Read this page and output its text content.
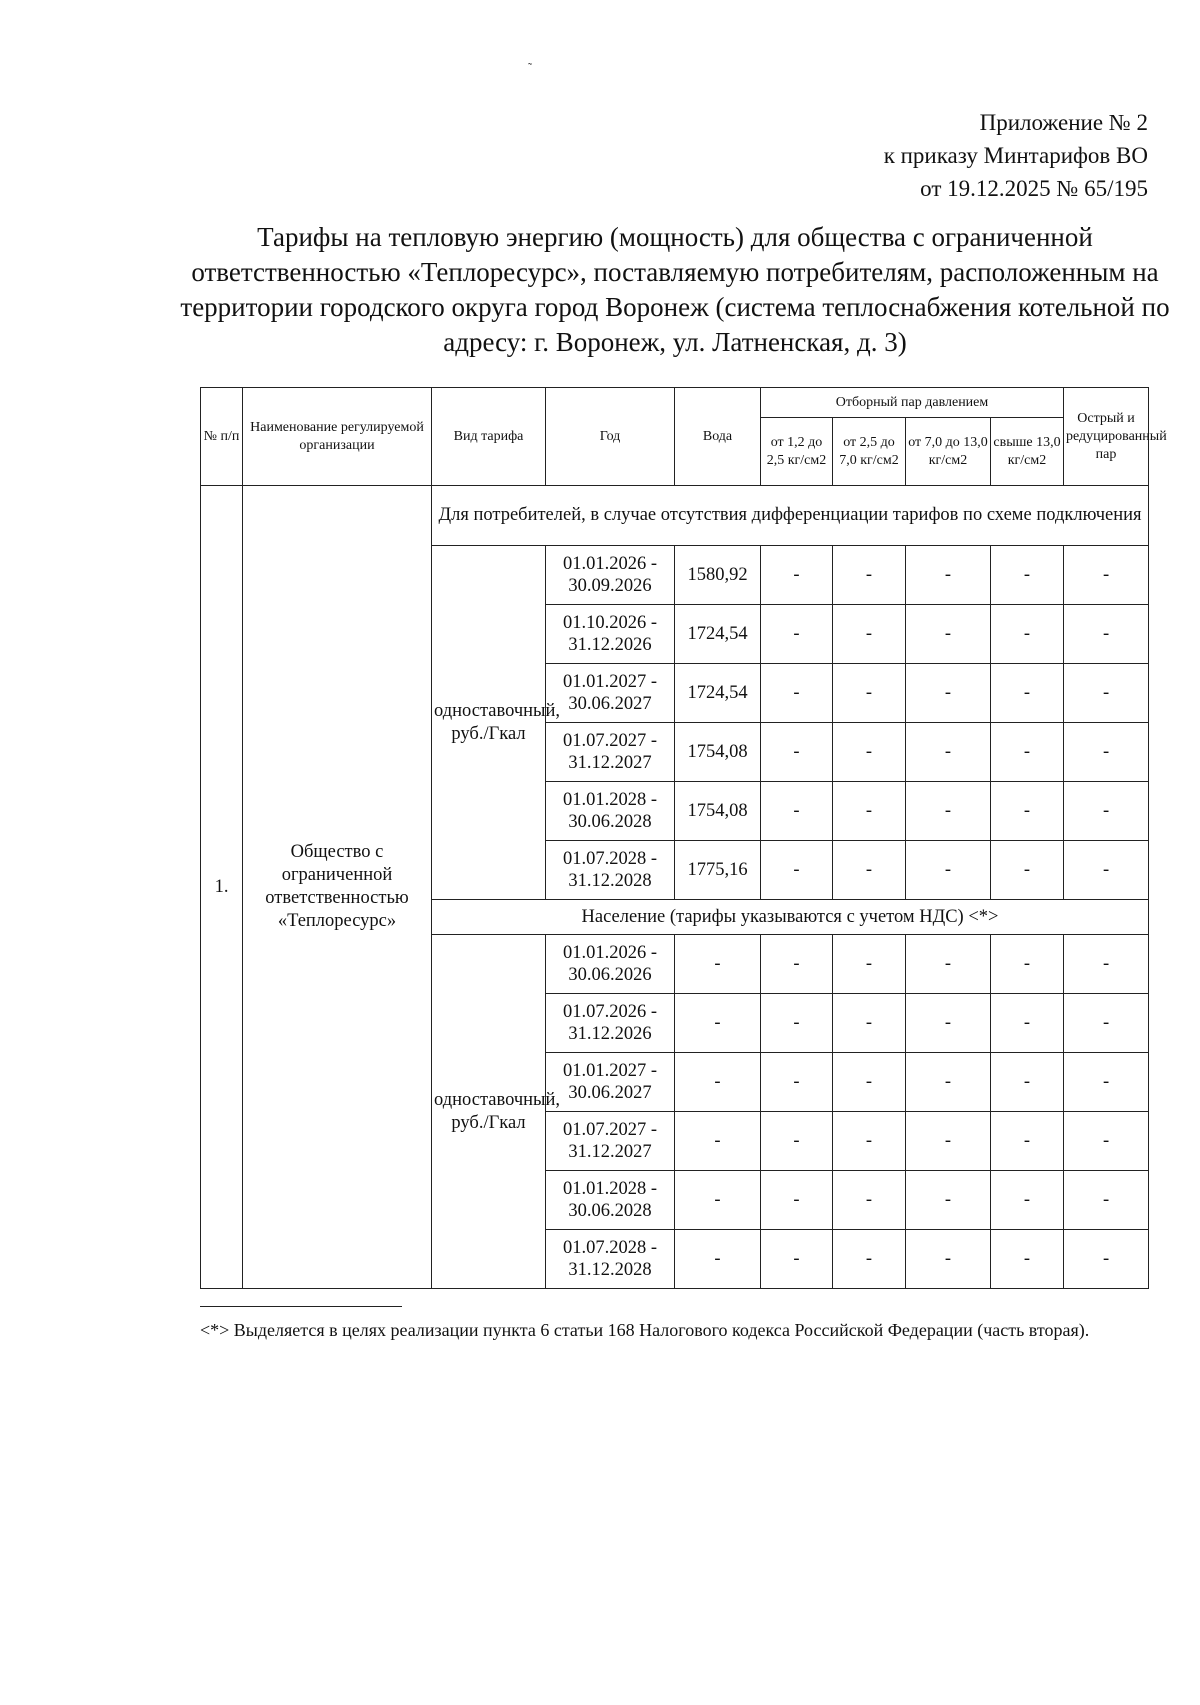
˜
Приложение № 2
к приказу Минтарифов ВО
от 19.12.2025 № 65/195
Тарифы на тепловую энергию (мощность) для общества с ограниченной ответственностью «Теплоресурс», поставляемую потребителям, расположенным на территории городского округа город Воронеж (система теплоснабжения котельной по адресу: г. Воронеж, ул. Латненская, д. 3)
№ п/п	Наименование регулируемой организации	Вид тарифа	Год	Вода	Отборный пар давлением				Острый и редуцированный пар
					от 1,2 до 2,5 кг/см2	от 2,5 до 7,0 кг/см2	от 7,0 до 13,0 кг/см2	свыше 13,0 кг/см2	
1.	Общество с ограниченной ответственностью «Теплоресурс»	Для потребителей, в случае отсутствия дифференциации тарифов по схеме подключения							
		одноставочный, руб./Гкал	01.01.2026 - 30.09.2026	1580,92	-	-	-	-	-
			01.10.2026 - 31.12.2026	1724,54	-	-	-	-	-
			01.01.2027 - 30.06.2027	1724,54	-	-	-	-	-
			01.07.2027 - 31.12.2027	1754,08	-	-	-	-	-
			01.01.2028 - 30.06.2028	1754,08	-	-	-	-	-
			01.07.2028 - 31.12.2028	1775,16	-	-	-	-	-
		Население (тарифы указываются с учетом НДС) <*>							
		одноставочный, руб./Гкал	01.01.2026 - 30.06.2026	-	-	-	-	-	-
			01.07.2026 - 31.12.2026	-	-	-	-	-	-
			01.01.2027 - 30.06.2027	-	-	-	-	-	-
			01.07.2027 - 31.12.2027	-	-	-	-	-	-
			01.01.2028 - 30.06.2028	-	-	-	-	-	-
			01.07.2028 - 31.12.2028	-	-	-	-	-	-
<*> Выделяется в целях реализации пункта 6 статьи 168 Налогового кодекса Российской Федерации (часть вторая).
